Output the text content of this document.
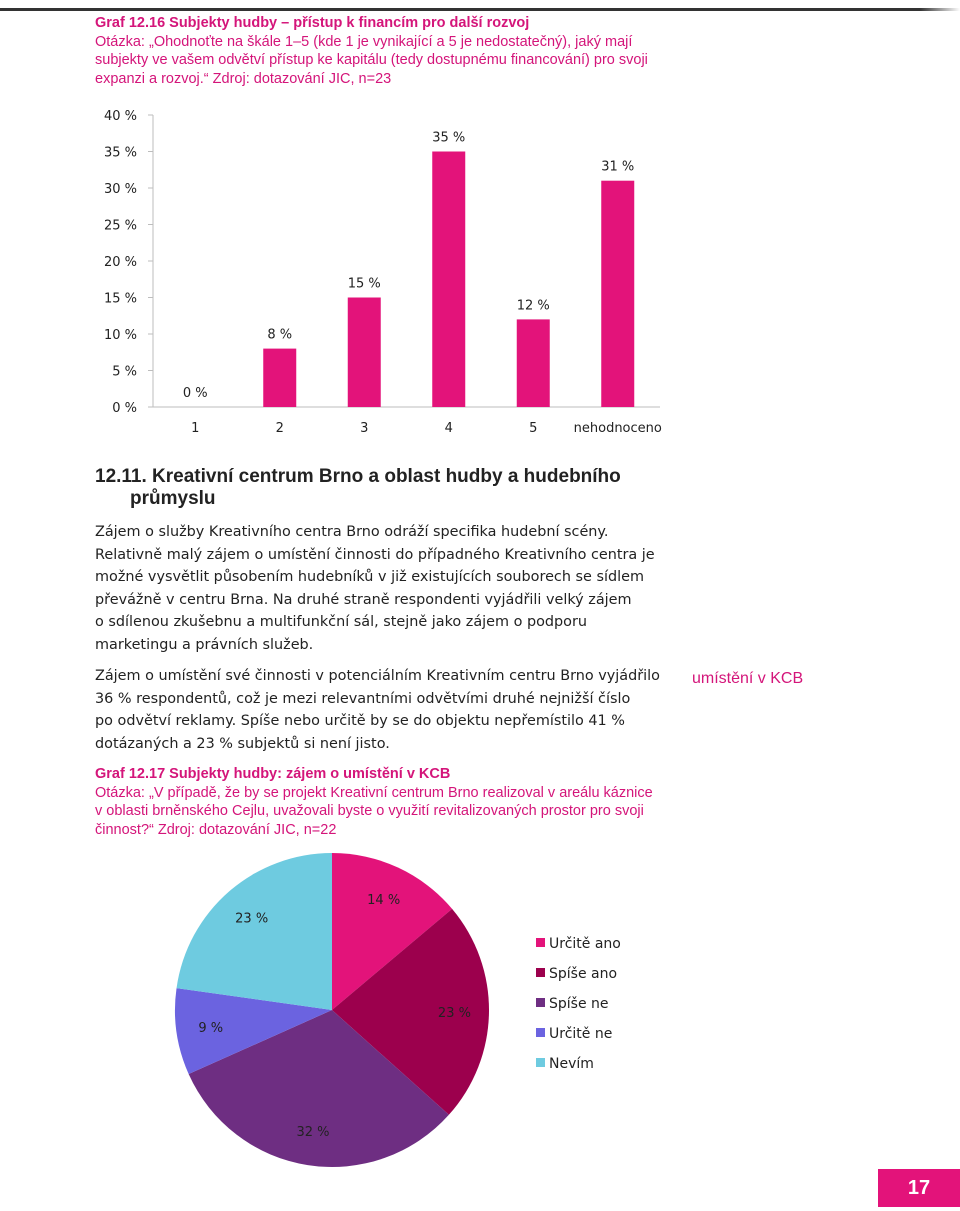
Graf 12.16 Subjekty hudby – přístup k financím pro další rozvoj
Otázka: „Ohodnoťte na škále 1–5 (kde 1 je vynikající a 5 je nedostatečný), jaký mají
subjekty ve vašem odvětví přístup ke kapitálu (tedy dostupnému financování) pro svoji
expanzi a rozvoj.“ Zdroj: dotazování JIC, n=23
0 %
5 %
10 %
15 %
20 %
25 %
30 %
35 %
40 %
1	2	3	4	5	nehodnoceno
0 %
8 %
15 %
35 %
12 %
31 %
12.11. Kreativní centrum Brno a oblast hudby a hudebního
průmyslu
Zájem o služby Kreativního centra Brno odráží specifika hudební scény.
Relativně malý zájem o umístění činnosti do případného Kreativního centra je
možné vysvětlit působením hudebníků v již existujících souborech se sídlem
převážně v centru Brna. Na druhé straně respondenti vyjádřili velký zájem
o sdílenou zkušebnu a multifunkční sál, stejně jako zájem o podporu
marketingu a právních služeb.
Zájem o umístění své činnosti v potenciálním Kreativním centru Brno vyjádřilo
36 % respondentů, což je mezi relevantními odvětvími druhé nejnižší číslo
po odvětví reklamy. Spíše nebo určitě by se do objektu nepřemístilo 41 %
dotázaných a 23 % subjektů si není jisto.
umístění v KCB
Graf 12.17 Subjekty hudby: zájem o umístění v KCB
Otázka: „V případě, že by se projekt Kreativní centrum Brno realizoval v areálu káznice
v oblasti brněnského Cejlu, uvažovali byste o využití revitalizovaných prostor pro svoji
činnost?“ Zdroj: dotazování JIC, n=22
14 %
23 %
32 %
9 %
23 %
Určitě ano
Spíše ano
Spíše ne
Určitě ne
Nevím
17
